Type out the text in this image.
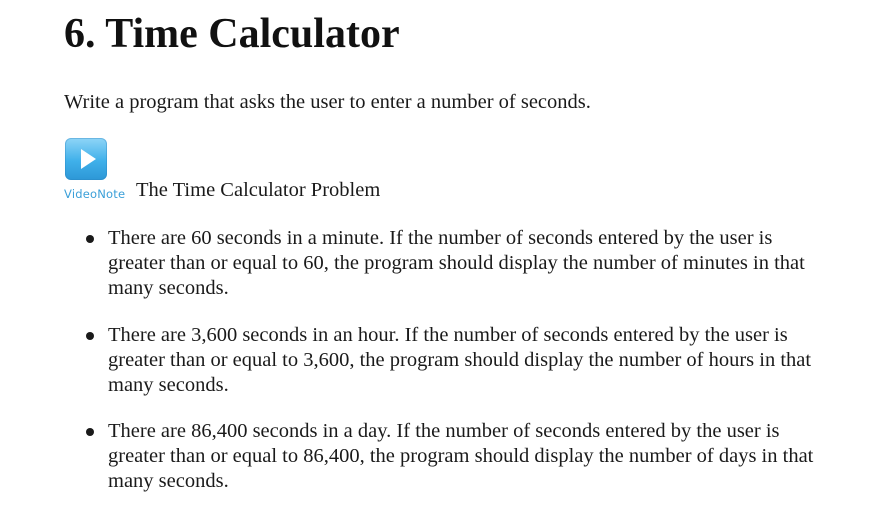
6. Time Calculator

Write a program that asks the user to enter a number of seconds.

VideoNote The Time Calculator Problem
There are 60 seconds in a minute. If the number of seconds entered by the user is greater than or equal to 60, the program should display the number of minutes in that many seconds.
There are 3,600 seconds in an hour. If the number of seconds entered by the user is greater than or equal to 3,600, the program should display the number of hours in that many seconds.
There are 86,400 seconds in a day. If the number of seconds entered by the user is greater than or equal to 86,400, the program should display the number of days in that many seconds.
